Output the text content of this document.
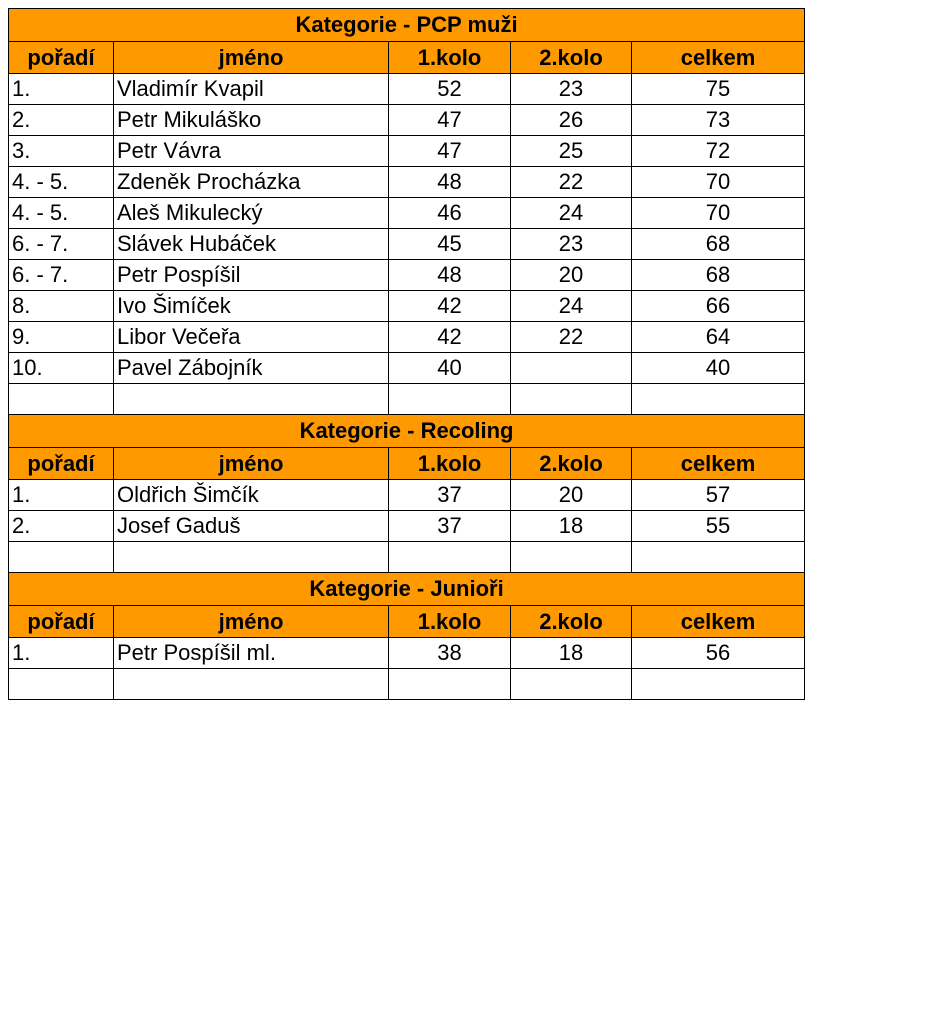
Kategorie - PCP muži				
pořadí	jméno	1.kolo	2.kolo	celkem
1.	Vladimír Kvapil	52	23	75
2.	Petr Mikuláško	47	26	73
3.	Petr Vávra	47	25	72
4. - 5.	Zdeněk Procházka	48	22	70
4. - 5.	Aleš Mikulecký	46	24	70
6. - 7.	Slávek Hubáček	45	23	68
6. - 7.	Petr Pospíšil	48	20	68
8.	Ivo Šimíček	42	24	66
9.	Libor Večeřa	42	22	64
10.	Pavel Zábojník	40		40

Kategorie - Recoling				
pořadí	jméno	1.kolo	2.kolo	celkem
1.	Oldřich Šimčík	37	20	57
2.	Josef Gaduš	37	18	55

Kategorie - Junioři				
pořadí	jméno	1.kolo	2.kolo	celkem
1.	Petr Pospíšil ml.	38	18	56
